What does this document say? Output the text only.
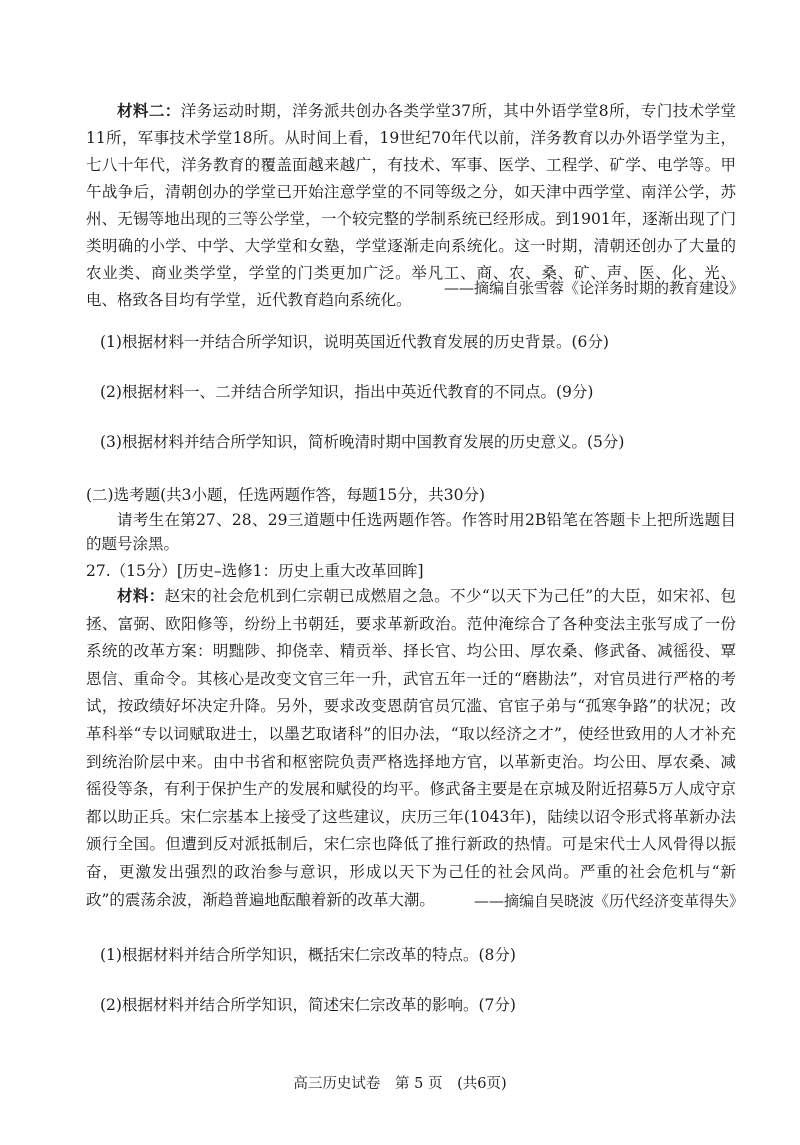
材料二：洋务运动时期，洋务派共创办各类学堂37所，其中外语学堂8所，专门技术学堂11所，军事技术学堂18所。从时间上看，19世纪70年代以前，洋务教育以办外语学堂为主，七八十年代，洋务教育的覆盖面越来越广，有技术、军事、医学、工程学、矿学、电学等。甲午战争后，清朝创办的学堂已开始注意学堂的不同等级之分，如天津中西学堂、南洋公学，苏州、无锡等地出现的三等公学堂，一个较完整的学制系统已经形成。到1901年，逐渐出现了门类明确的小学、中学、大学堂和女塾，学堂逐渐走向系统化。这一时期，清朝还创办了大量的农业类、商业类学堂，学堂的门类更加广泛。举凡工、商、农、桑、矿、声、医、化、光、电、格致各目均有学堂，近代教育趋向系统化。

——摘编自张雪蓉《论洋务时期的教育建设》

(1)根据材料一并结合所学知识，说明英国近代教育发展的历史背景。(6分)

(2)根据材料一、二并结合所学知识，指出中英近代教育的不同点。(9分)

(3)根据材料并结合所学知识，简析晚清时期中国教育发展的历史意义。(5分)

(二)选考题(共3小题，任选两题作答，每题15分，共30分)

请考生在第27、28、29三道题中任选两题作答。作答时用2B铅笔在答题卡上把所选题目的题号涂黑。

27.（15分）[历史–选修1：历史上重大改革回眸]

材料：赵宋的社会危机到仁宗朝已成燃眉之急。不少“以天下为己任”的大臣，如宋祁、包拯、富弼、欧阳修等，纷纷上书朝廷，要求革新政治。范仲淹综合了各种变法主张写成了一份系统的改革方案：明黜陟、抑侥幸、精贡举、择长官、均公田、厚农桑、修武备、减徭役、覃恩信、重命令。其核心是改变文官三年一升，武官五年一迁的“磨勘法”，对官员进行严格的考试，按政绩好坏决定升降。另外，要求改变恩荫官员冗滥、官宦子弟与“孤寒争路”的状况；改革科举“专以词赋取进士，以墨艺取诸科”的旧办法，“取以经济之才”，使经世致用的人才补充到统治阶层中来。由中书省和枢密院负责严格选择地方官，以革新吏治。均公田、厚农桑、减徭役等条，有利于保护生产的发展和赋役的均平。修武备主要是在京城及附近招募5万人成守京都以助正兵。宋仁宗基本上接受了这些建议，庆历三年(1043年)，陆续以诏令形式将革新办法颁行全国。但遭到反对派抵制后，宋仁宗也降低了推行新政的热情。可是宋代士人风骨得以振奋，更激发出强烈的政治参与意识，形成以天下为己任的社会风尚。严重的社会危机与“新政”的震荡余波，渐趋普遍地酝酿着新的改革大潮。	——摘编自吴晓波《历代经济变革得失》

(1)根据材料并结合所学知识，概括宋仁宗改革的特点。(8分)

(2)根据材料并结合所学知识，简述宋仁宗改革的影响。(7分)

高三历史试卷 第 5 页 (共6页)
